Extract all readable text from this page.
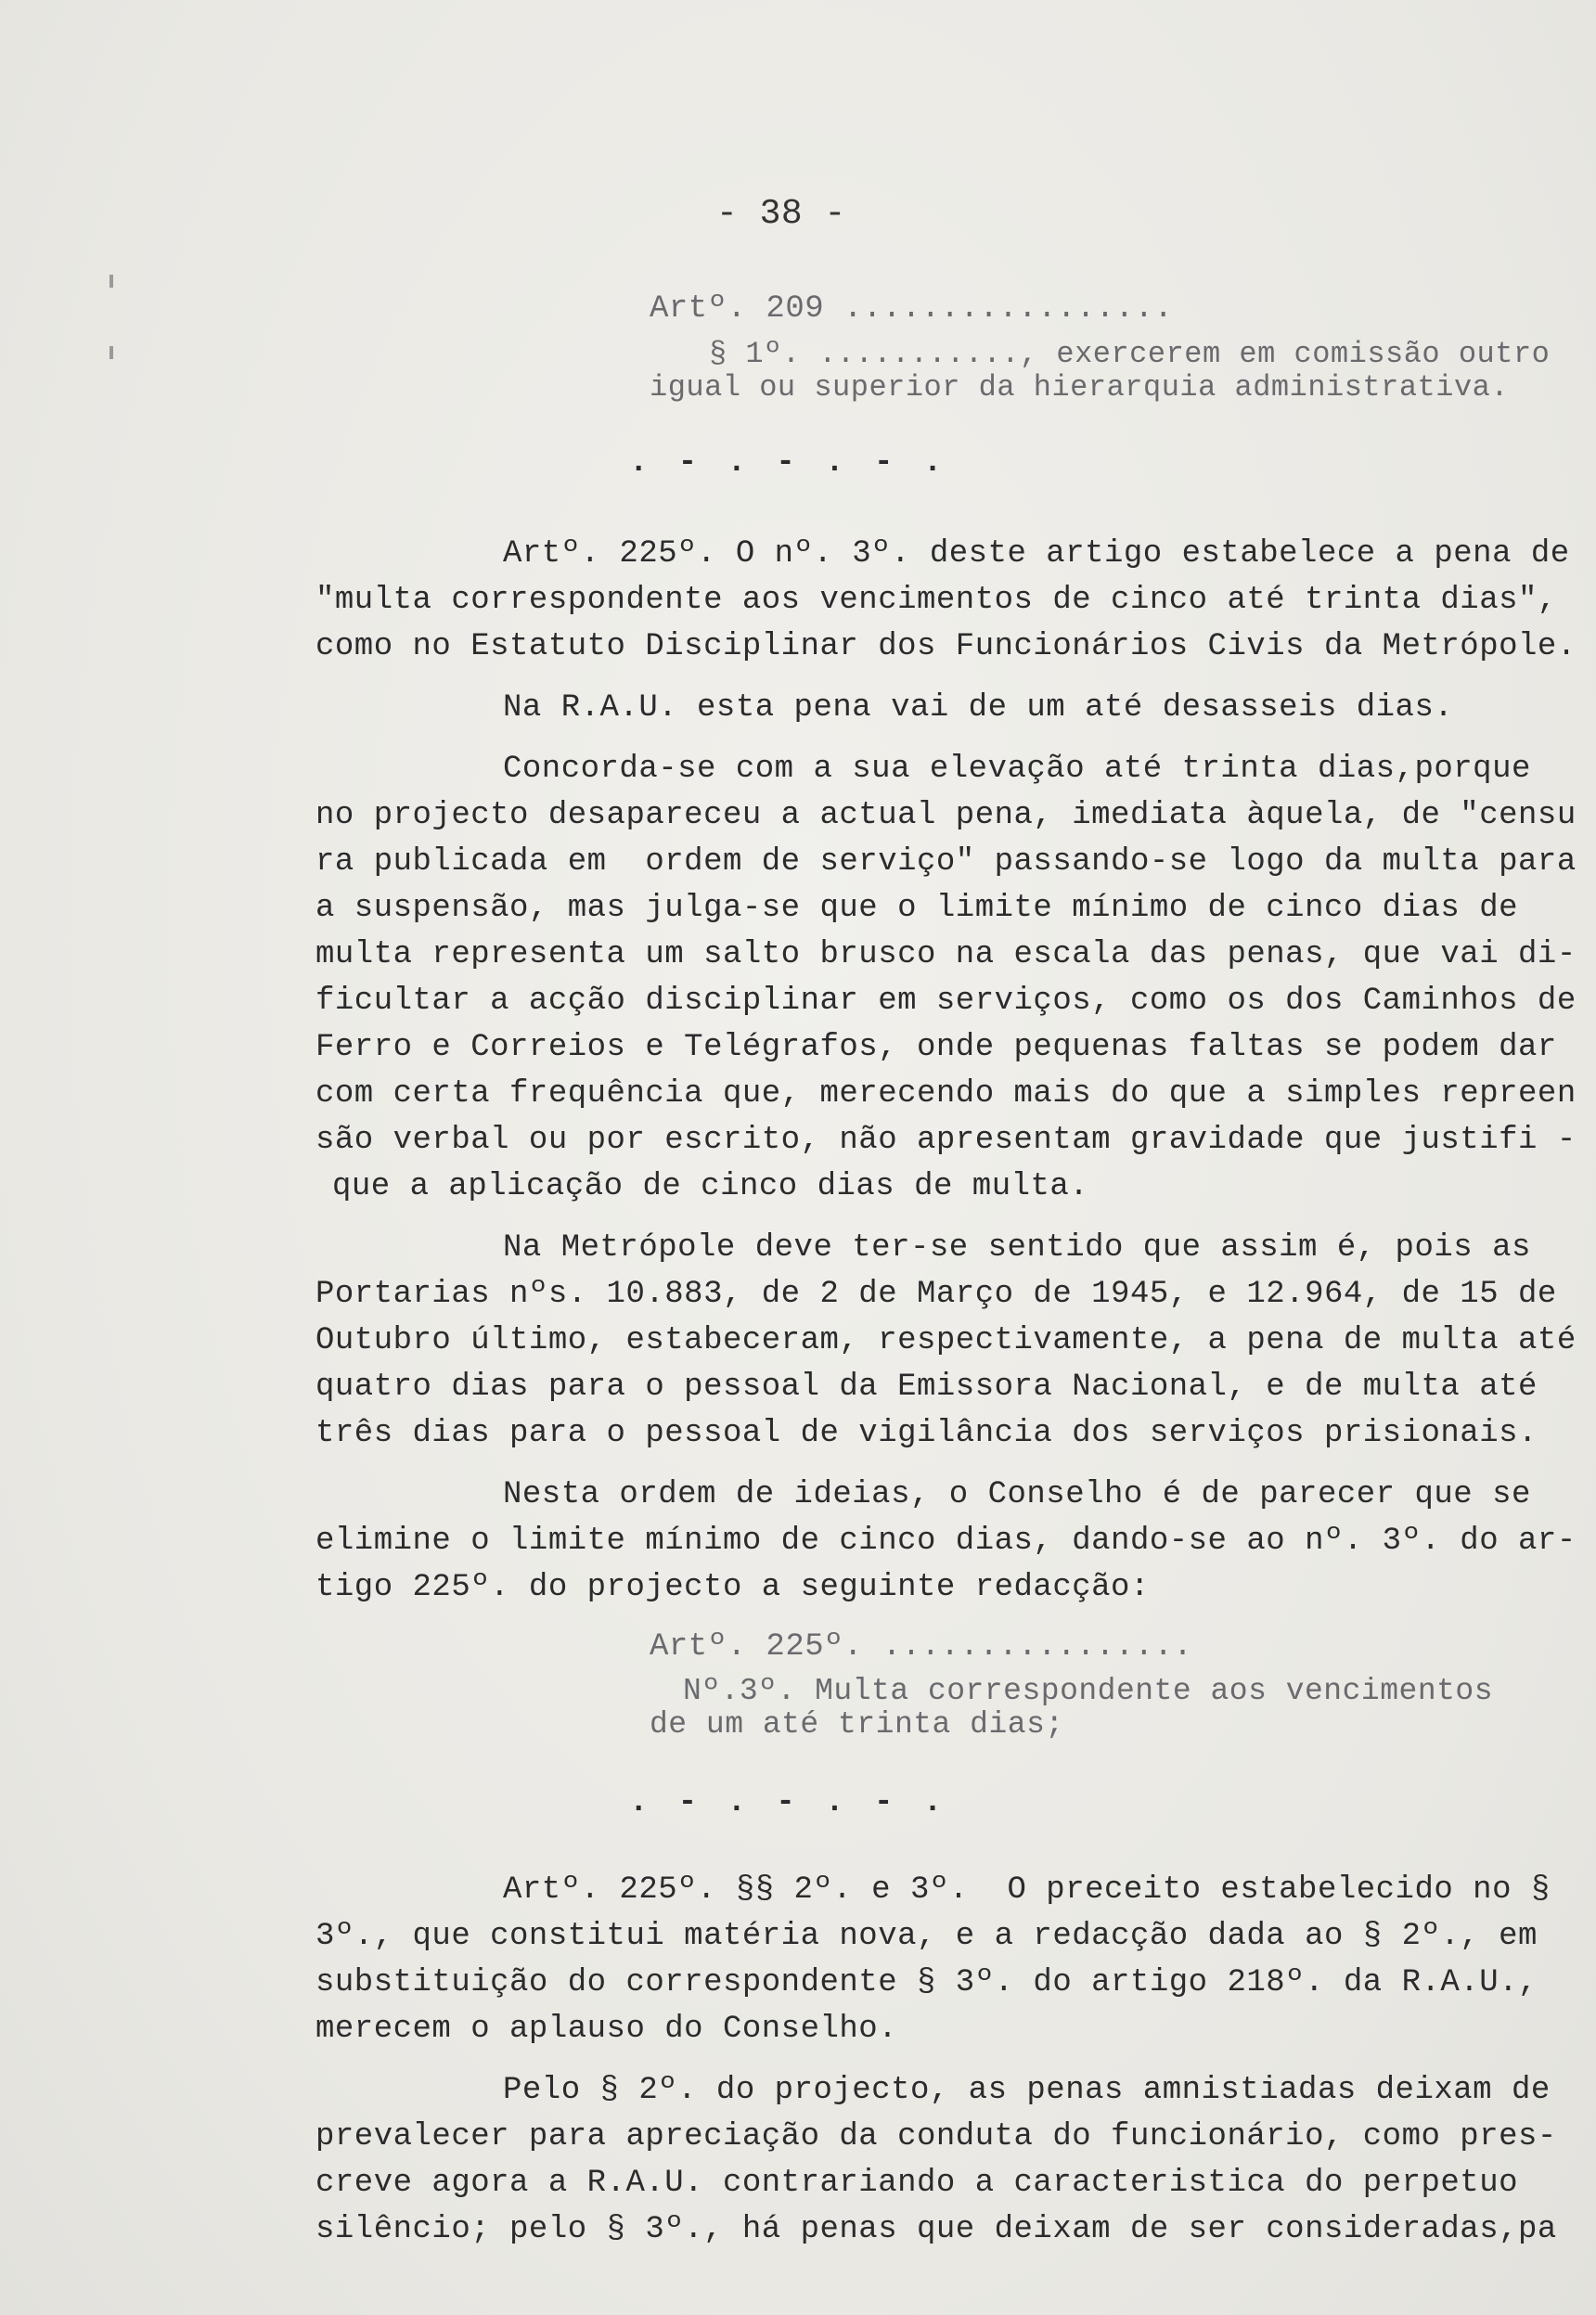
- 38 -

Artº. 209 .................

§ 1º. ..........., exercerem em comissão outro

igual ou superior da hierarquia administrativa.

. - . - . - .

Artº. 225º. O nº. 3º. deste artigo estabelece a pena de

"multa correspondente aos vencimentos de cinco até trinta dias",

como no Estatuto Disciplinar dos Funcionários Civis da Metrópole.

Na R.A.U. esta pena vai de um até desasseis dias.

Concorda-se com a sua elevação até trinta dias,porque

no projecto desapareceu a actual pena, imediata àquela, de "censu

ra publicada em  ordem de serviço" passando-se logo da multa para

a suspensão, mas julga-se que o limite mínimo de cinco dias de

multa representa um salto brusco na escala das penas, que vai di-

ficultar a acção disciplinar em serviços, como os dos Caminhos de

Ferro e Correios e Telégrafos, onde pequenas faltas se podem dar

com certa frequência que, merecendo mais do que a simples repreen

são verbal ou por escrito, não apresentam gravidade que justifi -

que a aplicação de cinco dias de multa.

Na Metrópole deve ter-se sentido que assim é, pois as

Portarias nºs. 10.883, de 2 de Março de 1945, e 12.964, de 15 de

Outubro último, estabeceram, respectivamente, a pena de multa até

quatro dias para o pessoal da Emissora Nacional, e de multa até

três dias para o pessoal de vigilância dos serviços prisionais.

Nesta ordem de ideias, o Conselho é de parecer que se

elimine o limite mínimo de cinco dias, dando-se ao nº. 3º. do ar-

tigo 225º. do projecto a seguinte redacção:

Artº. 225º. ................

Nº.3º. Multa correspondente aos vencimentos

de um até trinta dias;

. - . - . - .

Artº. 225º. §§ 2º. e 3º.  O preceito estabelecido no §

3º., que constitui matéria nova, e a redacção dada ao § 2º., em

substituição do correspondente § 3º. do artigo 218º. da R.A.U.,

merecem o aplauso do Conselho.

Pelo § 2º. do projecto, as penas amnistiadas deixam de

prevalecer para apreciação da conduta do funcionário, como pres-

creve agora a R.A.U. contrariando a caracteristica do perpetuo

silêncio; pelo § 3º., há penas que deixam de ser consideradas,pa
